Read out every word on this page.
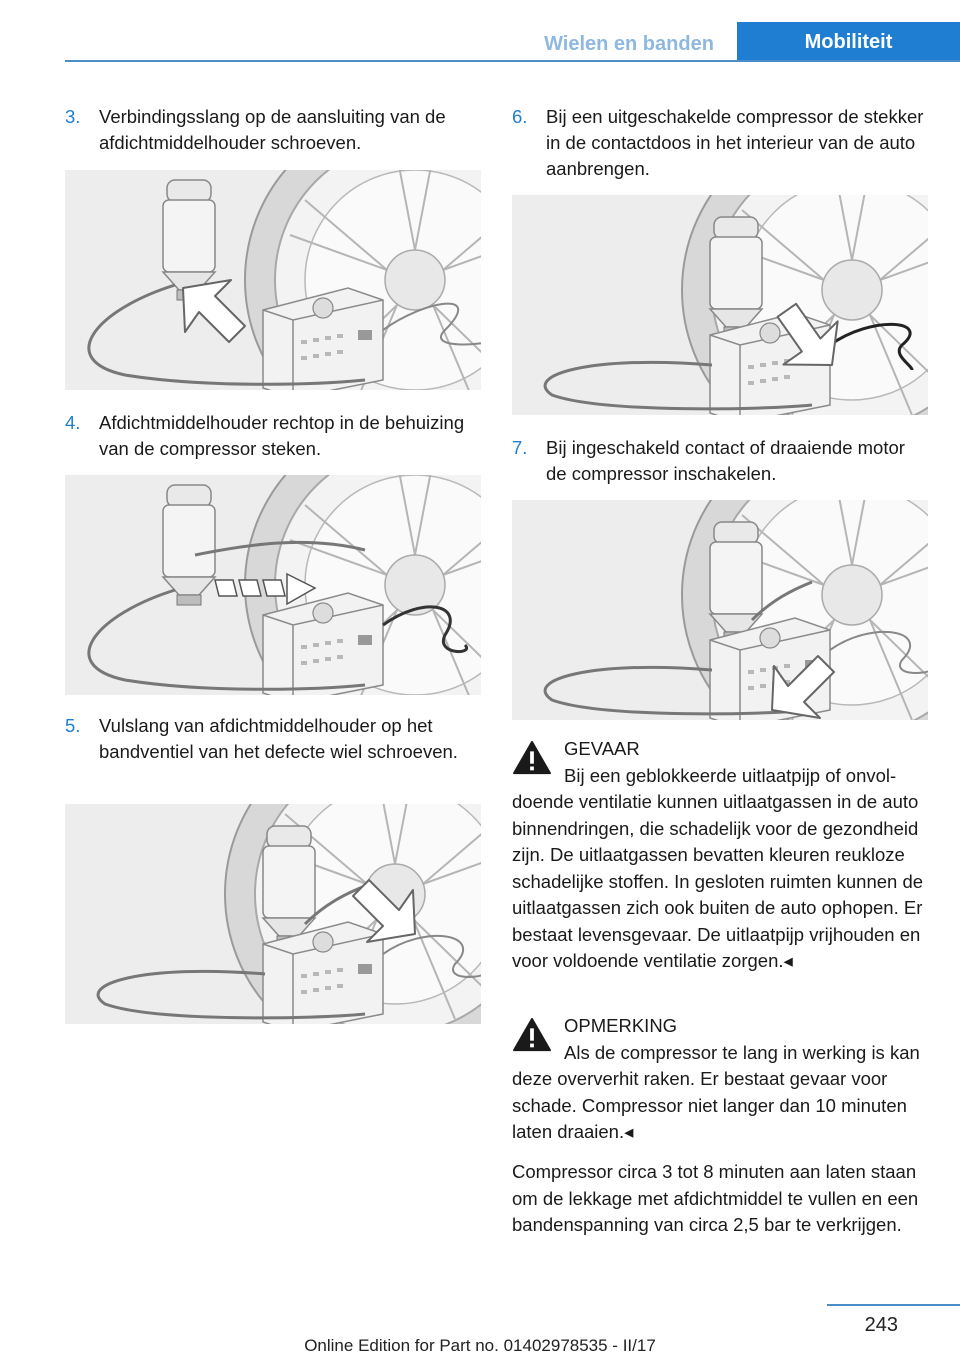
Wielen en banden	Mobiliteit
3. Verbindingsslang op de aansluiting van de afdichtmiddelhouder schroeven.
4. Afdichtmiddelhouder rechtop in de behuizing van de compressor steken.
5. Vulslang van afdichtmiddelhouder op het bandventiel van het defecte wiel schroeven.
6. Bij een uitgeschakelde compressor de stekker in de contactdoos in het interieur van de auto aanbrengen.
7. Bij ingeschakeld contact of draaiende motor de compressor inschakelen.
GEVAAR
Bij een geblokkeerde uitlaatpijp of onvoldoende ventilatie kunnen uitlaatgassen in de auto binnendringen, die schadelijk voor de gezondheid zijn. De uitlaatgassen bevatten kleuren reukloze schadelijke stoffen. In gesloten ruimten kunnen de uitlaatgassen zich ook buiten de auto ophopen. Er bestaat levensgevaar. De uitlaatpijp vrijhouden en voor voldoende ventilatie zorgen.◂
OPMERKING
Als de compressor te lang in werking is kan deze oververhit raken. Er bestaat gevaar voor schade. Compressor niet langer dan 10 minuten laten draaien.◂
Compressor circa 3 tot 8 minuten aan laten staan om de lekkage met afdichtmiddel te vullen en een bandenspanning van circa 2,5 bar te verkrijgen.
243
Online Edition for Part no. 01402978535 - II/17
